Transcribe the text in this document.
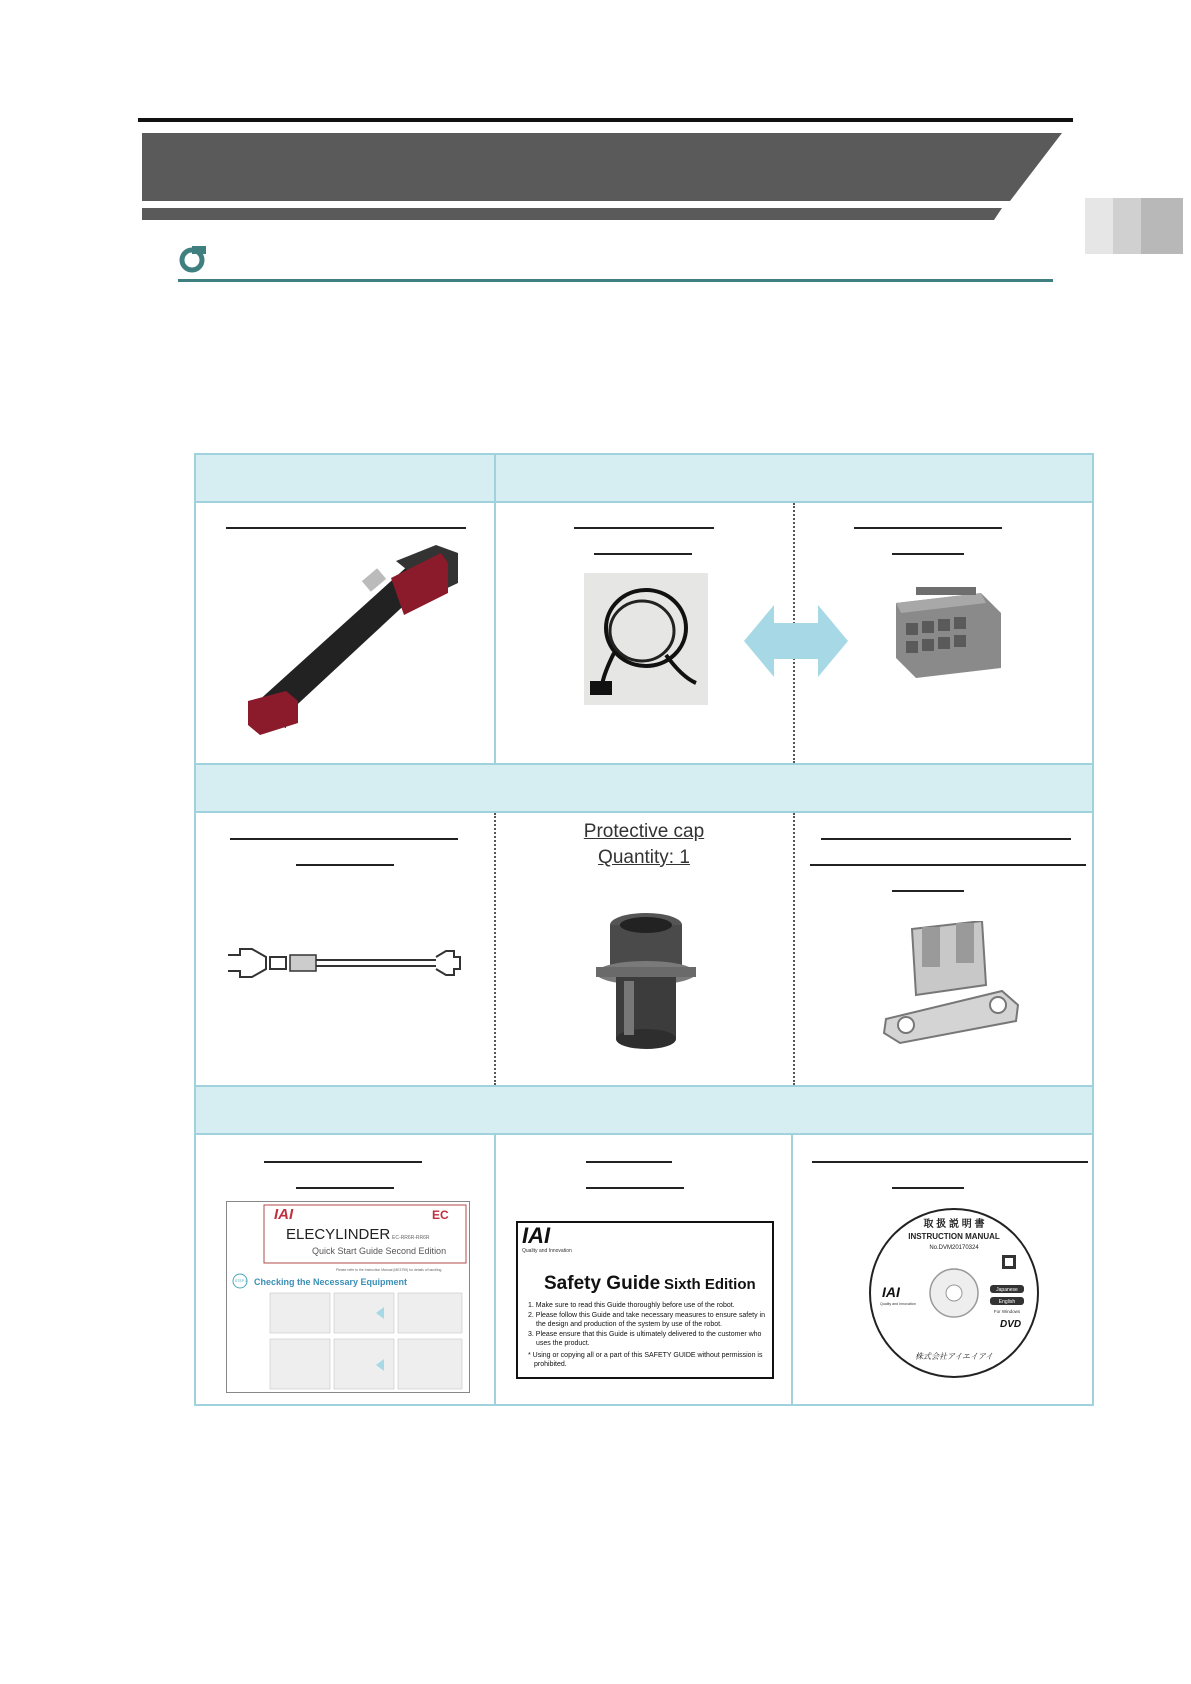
Protective cap
Quantity: 1
IAI	EC
ELECYLINDER EC-RR6R-RR6R
Quick Start Guide Second Edition
Please refer to the Instruction Manual (ME3795) for details of handling
STEP 1 Checking the Necessary Equipment
IAI
Quality and Innovation
Safety Guide Sixth Edition
1. Make sure to read this Guide thoroughly before use of the robot.
2. Please follow this Guide and take necessary measures to ensure safety in
the design and production of the system by use of the robot.
3. Please ensure that this Guide is ultimately delivered to the customer who
uses the product.
* Using or copying all or a part of this SAFETY GUIDE without permission is
prohibited.
取 扱 説 明 書
INSTRUCTION MANUAL
No.DVM20170324
IAI
Quality and Innovation
Japanese
English
For Windows
DVD
株式会社アイエイアイ
